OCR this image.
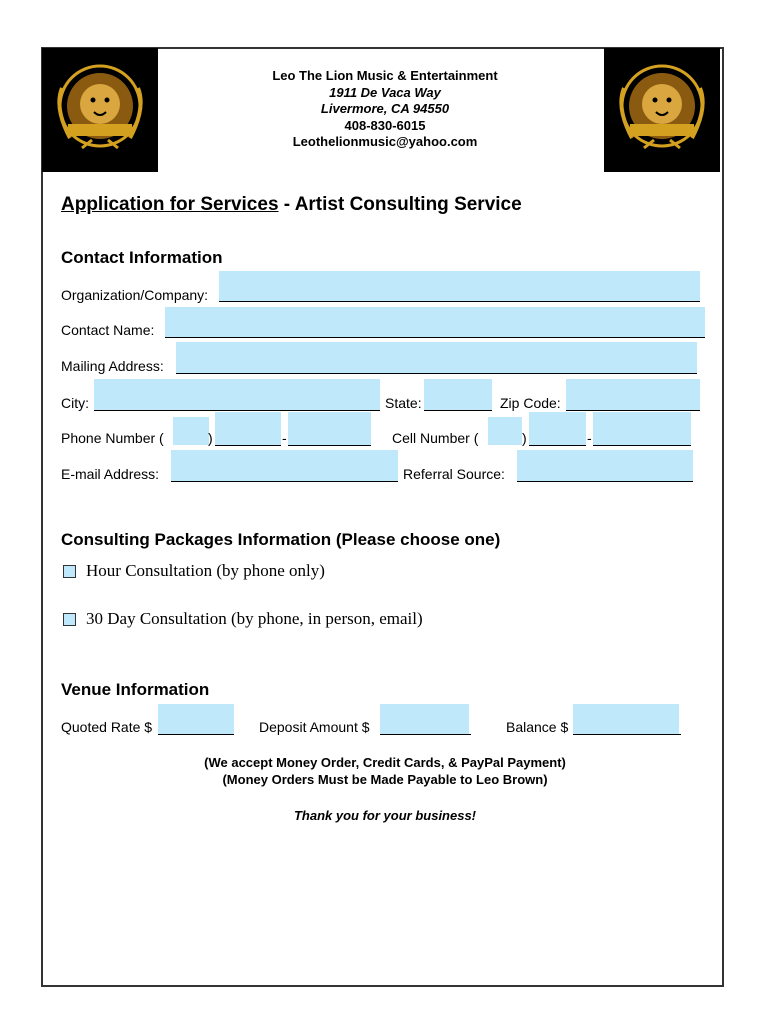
Leo The Lion Music & Entertainment
1911 De Vaca Way
Livermore, CA 94550
408-830-6015
Leothelionmusic@yahoo.com
Application for Services - Artist Consulting Service
Contact Information
Organization/Company:
Contact Name:
Mailing Address:
City:	State:	Zip Code:
Phone Number (	)	-	Cell Number (	)	-
E-mail Address:	Referral Source:
Consulting Packages Information (Please choose one)
Hour Consultation (by phone only)
30 Day Consultation (by phone, in person, email)
Venue Information
Quoted Rate $	Deposit Amount $	Balance $
(We accept Money Order, Credit Cards, & PayPal Payment)
(Money Orders Must be Made Payable to Leo Brown)
Thank you for your business!
